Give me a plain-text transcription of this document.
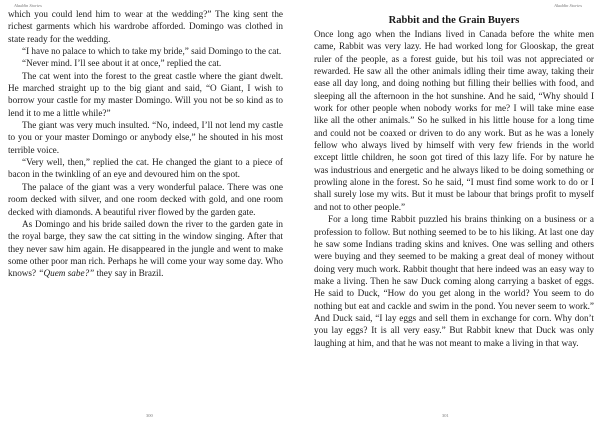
Aladdin Stories

which you could lend him to wear at the wedding?” The king sent the richest garments which his wardrobe afforded. Domingo was clothed in state ready for the wedding.

“I have no palace to which to take my bride,” said Domingo to the cat.

“Never mind. I’ll see about it at once,” replied the cat.

The cat went into the forest to the great castle where the giant dwelt. He marched straight up to the big giant and said, “O Giant, I wish to borrow your castle for my master Domingo. Will you not be so kind as to lend it to me a little while?”

The giant was very much insulted. “No, indeed, I’ll not lend my castle to you or your master Domingo or anybody else,” he shouted in his most terrible voice.

“Very well, then,” replied the cat. He changed the giant to a piece of bacon in the twinkling of an eye and devoured him on the spot.

The palace of the giant was a very wonderful palace. There was one room decked with silver, and one room decked with gold, and one room decked with diamonds. A beautiful river flowed by the garden gate.

As Domingo and his bride sailed down the river to the garden gate in the royal barge, they saw the cat sitting in the window singing. After that they never saw him again. He disappeared in the jungle and went to make some other poor man rich. Perhaps he will come your way some day. Who knows? “Quem sabe?” they say in Brazil.

300
Aladdin Stories
Rabbit and the Grain Buyers

Once long ago when the Indians lived in Canada before the white men came, Rabbit was very lazy. He had worked long for Glooskap, the great ruler of the people, as a forest guide, but his toil was not appreciated or rewarded. He saw all the other animals idling their time away, taking their ease all day long, and doing nothing but filling their bellies with food, and sleeping all the afternoon in the hot sunshine. And he said, “Why should I work for other people when nobody works for me? I will take mine ease like all the other animals.” So he sulked in his little house for a long time and could not be coaxed or driven to do any work. But as he was a lonely fellow who always lived by himself with very few friends in the world except little children, he soon got tired of this lazy life. For by nature he was industrious and energetic and he always liked to be doing something or prowling alone in the forest. So he said, “I must find some work to do or I shall surely lose my wits. But it must be labour that brings profit to myself and not to other people.”

For a long time Rabbit puzzled his brains thinking on a business or a profession to follow. But nothing seemed to be to his liking. At last one day he saw some Indians trading skins and knives. One was selling and others were buying and they seemed to be making a great deal of money without doing very much work. Rabbit thought that here indeed was an easy way to make a living. Then he saw Duck coming along carrying a basket of eggs. He said to Duck, “How do you get along in the world? You seem to do nothing but eat and cackle and swim in the pond. You never seem to work.” And Duck said, “I lay eggs and sell them in exchange for corn. Why don’t you lay eggs? It is all very easy.” But Rabbit knew that Duck was only laughing at him, and that he was not meant to make a living in that way.

301
